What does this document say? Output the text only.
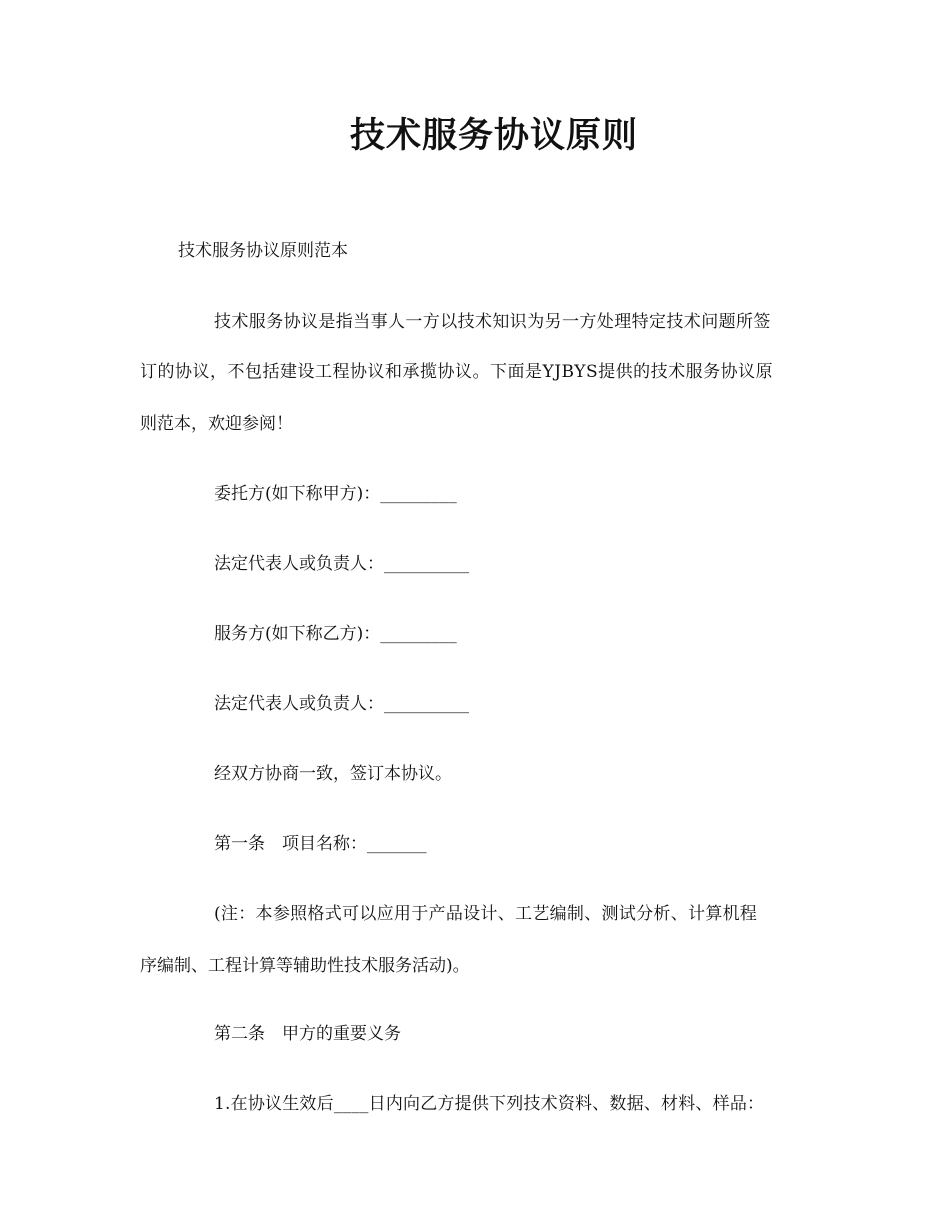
技术服务协议原则
技术服务协议原则范本
技术服务协议是指当事人一方以技术知识为另一方处理特定技术问题所签
订的协议，不包括建设工程协议和承揽协议。下面是YJBYS提供的技术服务协议原
则范本，欢迎参阅！
委托方(如下称甲方)：_________
法定代表人或负责人：__________
服务方(如下称乙方)：_________
法定代表人或负责人：__________
经双方协商一致，签订本协议。
第一条　项目名称：_______
(注：本参照格式可以应用于产品设计、工艺编制、测试分析、计算机程
序编制、工程计算等辅助性技术服务活动)。
第二条　甲方的重要义务
1.在协议生效后____日内向乙方提供下列技术资料、数据、材料、样品：
